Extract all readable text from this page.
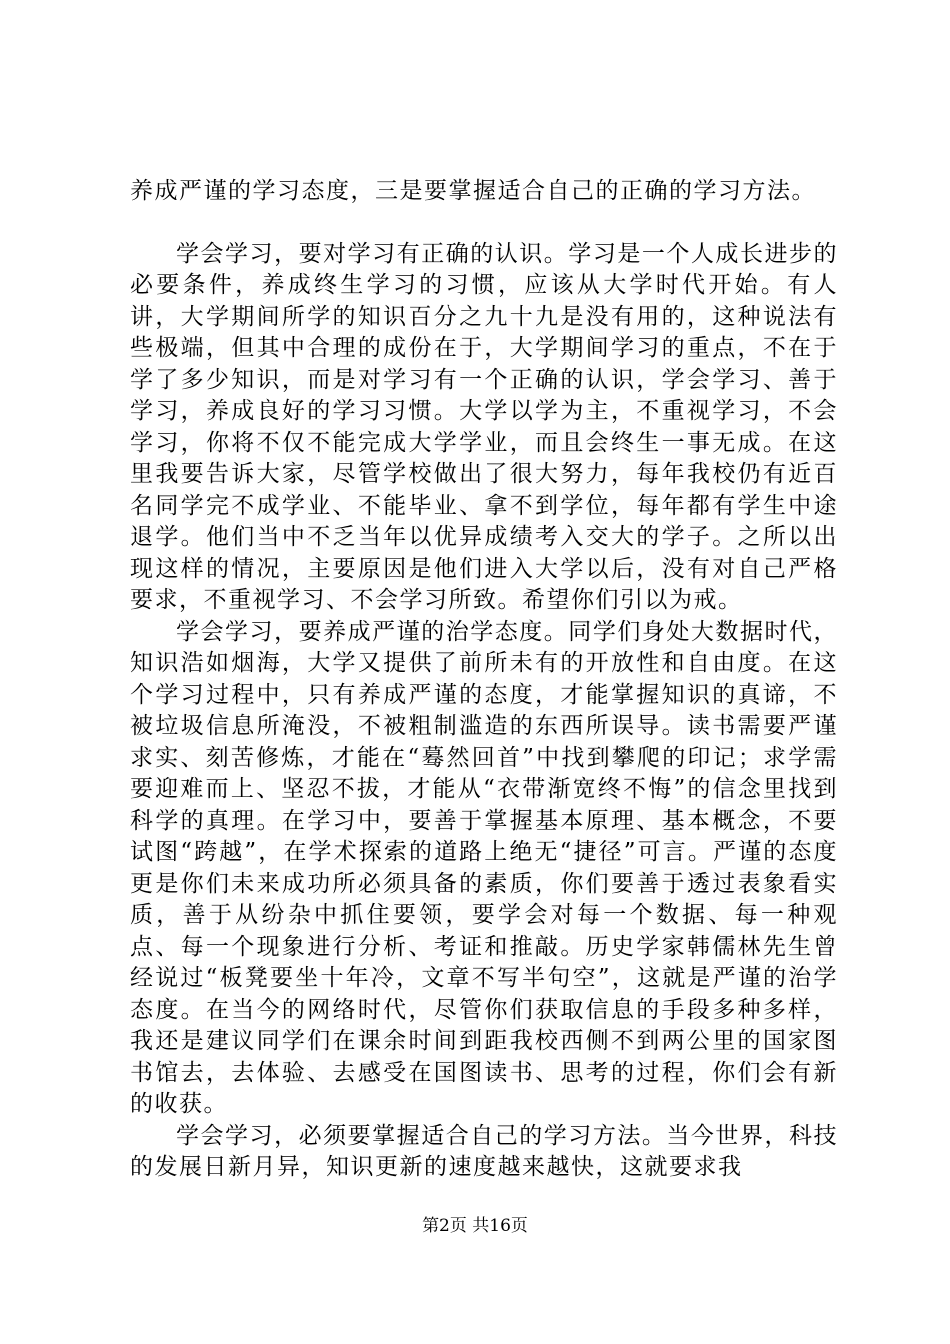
养成严谨的学习态度，三是要掌握适合自己的正确的学习方法。

学会学习，要对学习有正确的认识。学习是一个人成长进步的必要条件，养成终生学习的习惯，应该从大学时代开始。有人讲，大学期间所学的知识百分之九十九是没有用的，这种说法有些极端，但其中合理的成份在于，大学期间学习的重点，不在于学了多少知识，而是对学习有一个正确的认识，学会学习、善于学习，养成良好的学习习惯。大学以学为主，不重视学习，不会学习，你将不仅不能完成大学学业，而且会终生一事无成。在这里我要告诉大家，尽管学校做出了很大努力，每年我校仍有近百名同学完不成学业、不能毕业、拿不到学位，每年都有学生中途退学。他们当中不乏当年以优异成绩考入交大的学子。之所以出现这样的情况，主要原因是他们进入大学以后，没有对自己严格要求，不重视学习、不会学习所致。希望你们引以为戒。

学会学习，要养成严谨的治学态度。同学们身处大数据时代，知识浩如烟海，大学又提供了前所未有的开放性和自由度。在这个学习过程中，只有养成严谨的态度，才能掌握知识的真谛，不被垃圾信息所淹没，不被粗制滥造的东西所误导。读书需要严谨求实、刻苦修炼，才能在“蓦然回首”中找到攀爬的印记；求学需要迎难而上、坚忍不拔，才能从“衣带渐宽终不悔”的信念里找到科学的真理。在学习中，要善于掌握基本原理、基本概念，不要试图“跨越”，在学术探索的道路上绝无“捷径”可言。严谨的态度更是你们未来成功所必须具备的素质，你们要善于透过表象看实质，善于从纷杂中抓住要领，要学会对每一个数据、每一种观点、每一个现象进行分析、考证和推敲。历史学家韩儒林先生曾经说过“板凳要坐十年冷，文章不写半句空”，这就是严谨的治学态度。在当今的网络时代，尽管你们获取信息的手段多种多样，我还是建议同学们在课余时间到距我校西侧不到两公里的国家图书馆去，去体验、去感受在国图读书、思考的过程，你们会有新的收获。

学会学习，必须要掌握适合自己的学习方法。当今世界，科技的发展日新月异，知识更新的速度越来越快，这就要求我

第2页 共16页
